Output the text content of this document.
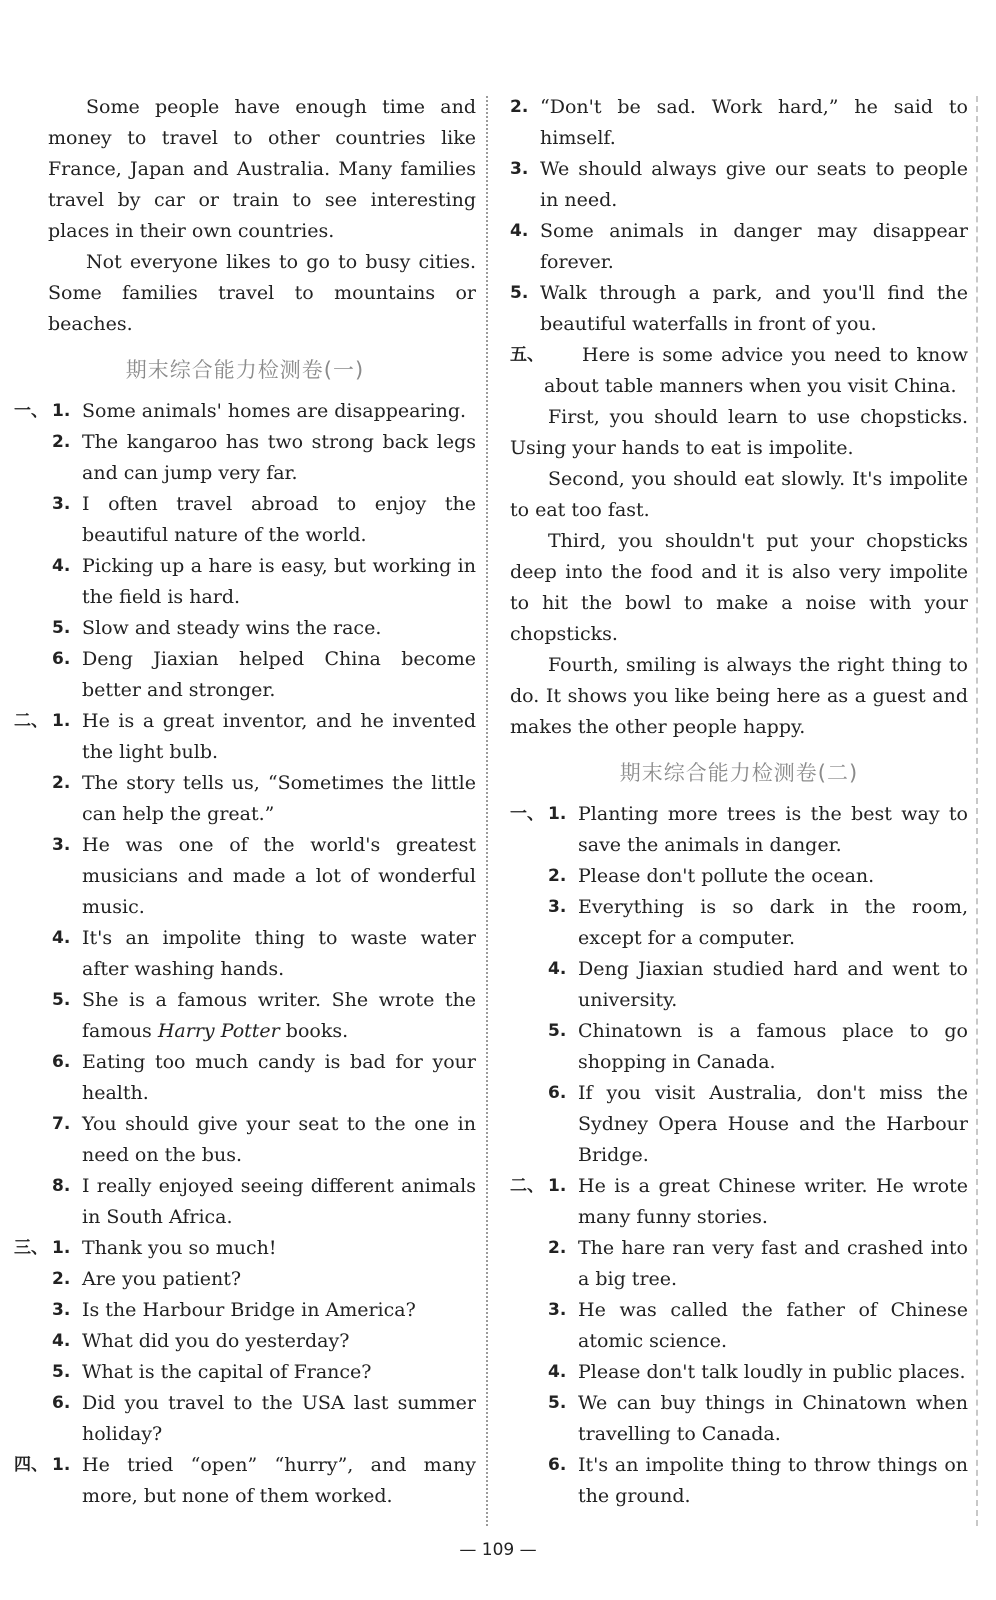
Some people have enough time and money to travel to other countries like France, Japan and Australia. Many families travel by car or train to see interesting places in their own countries.

Not everyone likes to go to busy cities. Some families travel to mountains or beaches.

期末综合能力检测卷(一)
一、 1. Some animals' homes are disappearing.
2. The kangaroo has two strong back legs and can jump very far.
3. I often travel abroad to enjoy the beautiful nature of the world.
4. Picking up a hare is easy, but working in the field is hard.
5. Slow and steady wins the race.
6. Deng Jiaxian helped China become better and stronger.
二、 1. He is a great inventor, and he invented the light bulb.
2. The story tells us, “Sometimes the little can help the great.”
3. He was one of the world's greatest musicians and made a lot of wonderful music.
4. It's an impolite thing to waste water after washing hands.
5. She is a famous writer. She wrote the famous Harry Potter books.
6. Eating too much candy is bad for your health.
7. You should give your seat to the one in need on the bus.
8. I really enjoyed seeing different animals in South Africa.
三、 1. Thank you so much!
2. Are you patient?
3. Is the Harbour Bridge in America?
4. What did you do yesterday?
5. What is the capital of France?
6. Did you travel to the USA last summer holiday?
四、 1. He tried “open” “hurry”, and many more, but none of them worked.
2. “Don't be sad. Work hard,” he said to himself.
3. We should always give our seats to people in need.
4. Some animals in danger may disappear forever.
5. Walk through a park, and you'll find the beautiful waterfalls in front of you.
五、	Here is some advice you need to know about table manners when you visit China.

First, you should learn to use chopsticks. Using your hands to eat is impolite.

Second, you should eat slowly. It's impolite to eat too fast.

Third, you shouldn't put your chopsticks deep into the food and it is also very impolite to hit the bowl to make a noise with your chopsticks.

Fourth, smiling is always the right thing to do. It shows you like being here as a guest and makes the other people happy.

期末综合能力检测卷(二)
一、 1. Planting more trees is the best way to save the animals in danger.
2. Please don't pollute the ocean.
3. Everything is so dark in the room, except for a computer.
4. Deng Jiaxian studied hard and went to university.
5. Chinatown is a famous place to go shopping in Canada.
6. If you visit Australia, don't miss the Sydney Opera House and the Harbour Bridge.
二、 1. He is a great Chinese writer. He wrote many funny stories.
2. The hare ran very fast and crashed into a big tree.
3. He was called the father of Chinese atomic science.
4. Please don't talk loudly in public places.
5. We can buy things in Chinatown when travelling to Canada.
6. It's an impolite thing to throw things on the ground.
— 109 —
